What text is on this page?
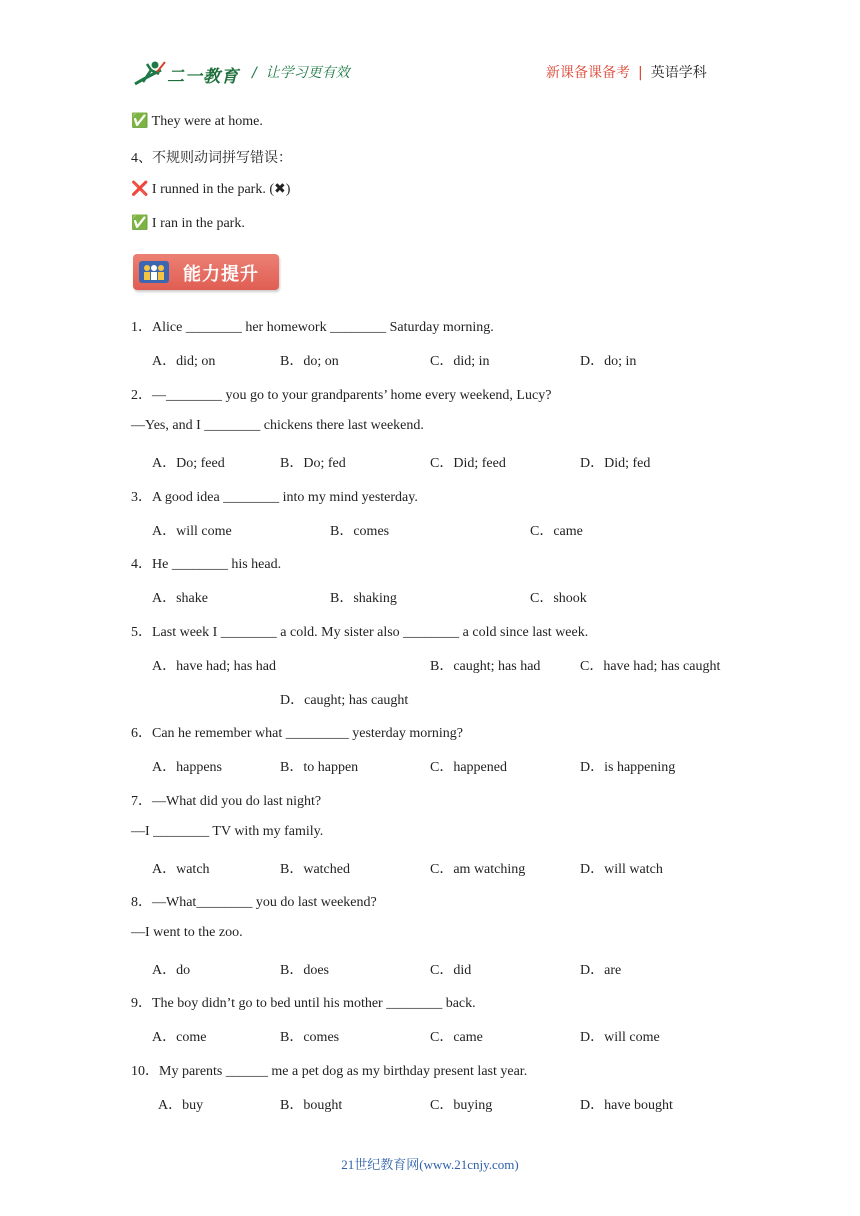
二一教育 /  让学习更有效	新课备课备考 | 英语学科
✅ They were at home.
4、不规则动词拼写错误：
❌ I runned in the park. (✖)
✅ I ran in the park.
能力提升
1．Alice ________ her homework ________ Saturday morning.
A．did; on	B．do; on	C．did; in	D．do; in
2．—________ you go to your grandparents’ home every weekend, Lucy?
—Yes, and I ________ chickens there last weekend.
A．Do; feed	B．Do; fed	C．Did; feed	D．Did; fed
3．A good idea ________ into my mind yesterday.
A．will come	B．comes	C．came
4．He ________ his head.
A．shake	B．shaking	C．shook
5．Last week I ________ a cold. My sister also ________ a cold since last week.
A．have had; has had	B．caught; has had	C．have had; has caught
D．caught; has caught
6．Can he remember what _________ yesterday morning?
A．happens	B．to happen	C．happened	D．is happening
7．—What did you do last night?
—I ________ TV with my family.
A．watch	B．watched	C．am watching	D．will watch
8．—What________ you do last weekend?
—I went to the zoo.
A．do	B．does	C．did	D．are
9．The boy didn’t go to bed until his mother ________ back.
A．come	B．comes	C．came	D．will come
10．My parents ______ me a pet dog as my birthday present last year.
A．buy	B．bought	C．buying	D．have bought
21世纪教育网(www.21cnjy.com)
